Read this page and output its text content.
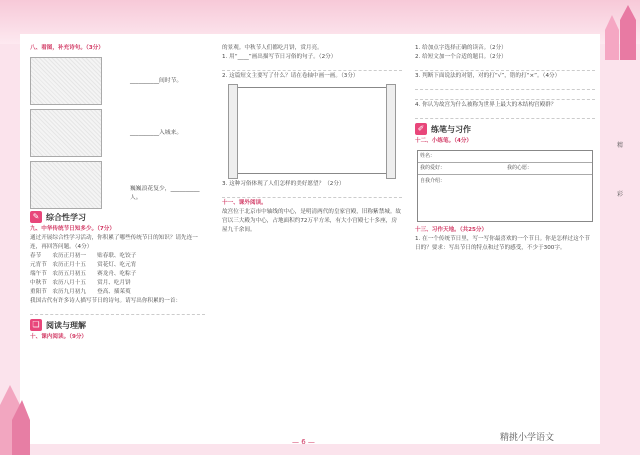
八、看图，补充诗句。（3分）
__________间时节。
__________入城来。
巍巍浪花复少，__________人。
✎ 综合性学习
九、中华传统节日知多少。（7分）
通过开展综合性学习活动，你积累了哪些传统节日的知识？请先连一连，再回答问题。（4分）
春节　　农历正月初一　　贴春联、吃饺子
元宵节　农历正月十五　　赏花灯、吃元宵
端午节　农历五月初五　　赛龙舟、吃粽子
中秋节　农历八月十五　　赏月、吃月饼
重阳节　农历九月初九　　登高、插茱萸
我国古代有许多诗人描写节日的诗句。请写出你积累的一首：
❏ 阅读与理解
十、课内阅读。（9分）
的景观。中秋节人们都吃月饼，赏月亮。
1. 用“____”画出描写节日习俗的句子。（2分）
2. 这篇短文主要写了什么？请在卷轴中画一画。（3分）
3. 这种习俗体现了人们怎样的美好愿望？（2分）
十一、课外阅读。
故宫位于北京市中轴线的中心，是明清两代的皇家宫殿，旧称紫禁城。故宫以三大殿为中心，占地面积约72万平方米，有大小宫殿七十多座，房屋九千余间。
1. 给加点字选择正确的读音。（2分）
2. 给短文加一个合适的题目。（2分）
3. 判断下面说法的对错，对的打“√”，错的打“×”。（4分）
4. 你认为故宫为什么被称为世界上最大的木结构宫殿群？
✐ 练笔与习作
十二、小练笔。（4分）
姓名：
我的爱好：	我的心愿：
自我介绍：
十三、习作天地。（共25分）
1. 在一个传统节日里，写一写你最喜欢的一个节日。你是怎样过这个节日的？要求：写出节日的特点和过节的感受，不少于300字。
精
彩
— 6 —	精挑小学语文
